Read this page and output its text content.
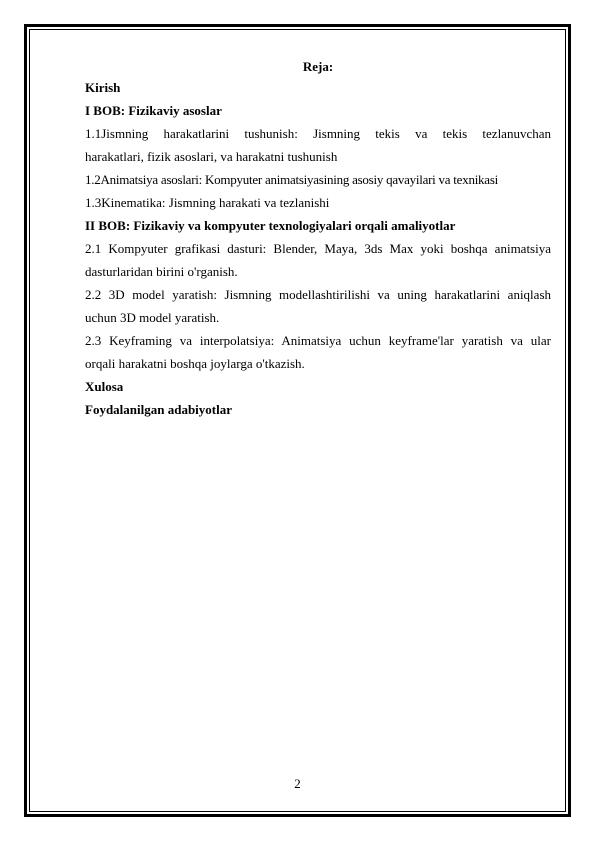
Reja:

Kirish

I BOB: Fizikaviy asoslar

1.1Jismning harakatlarini tushunish: Jismning tekis va tekis tezlanuvchan
harakatlari, fizik asoslari, va harakatni tushunish

1.2Animatsiya asoslari: Kompyuter animatsiyasining asosiy qavayilari va texnikasi

1.3Kinematika: Jismning harakati va tezlanishi

II BOB: Fizikaviy va kompyuter texnologiyalari orqali amaliyotlar

2.1 Kompyuter grafikasi dasturi: Blender, Maya, 3ds Max yoki boshqa animatsiya
dasturlaridan birini o'rganish.
2.2 3D model yaratish: Jismning modellashtirilishi va uning harakatlarini aniqlash
uchun 3D model yaratish.
2.3 Keyframing va interpolatsiya: Animatsiya uchun keyframe'lar yaratish va ular
orqali harakatni boshqa joylarga o'tkazish.

Xulosa

Foydalanilgan adabiyotlar

2
